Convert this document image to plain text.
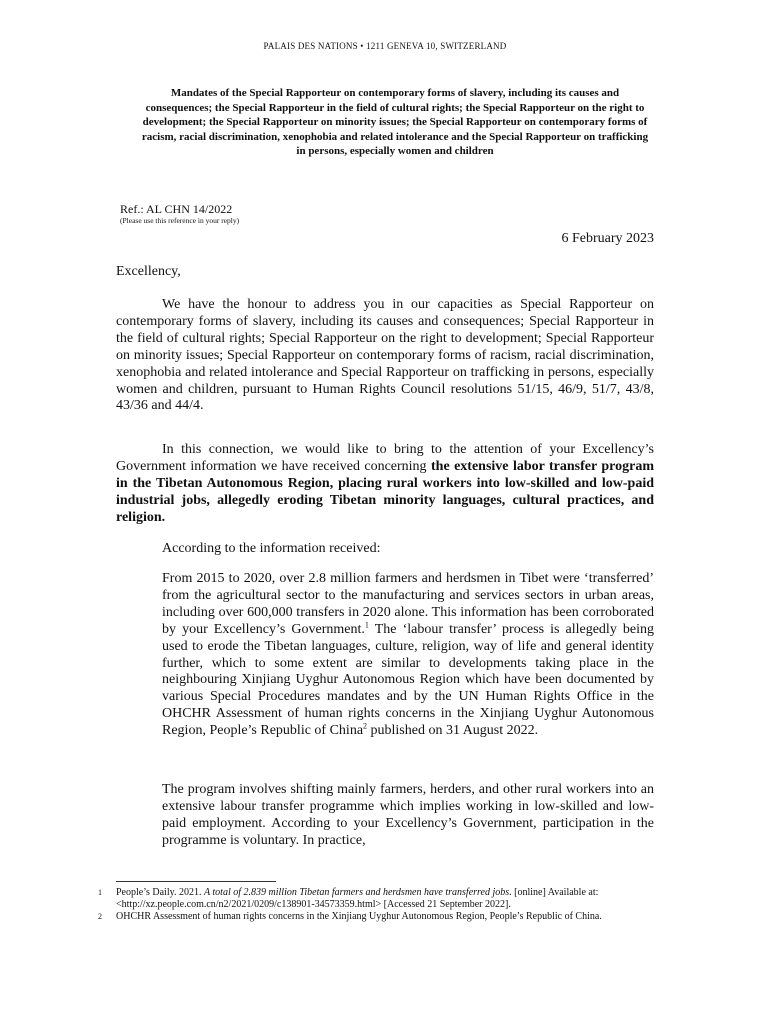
PALAIS DES NATIONS • 1211 GENEVA 10, SWITZERLAND
Mandates of the Special Rapporteur on contemporary forms of slavery, including its causes and consequences; the Special Rapporteur in the field of cultural rights; the Special Rapporteur on the right to development; the Special Rapporteur on minority issues; the Special Rapporteur on contemporary forms of racism, racial discrimination, xenophobia and related intolerance and the Special Rapporteur on trafficking in persons, especially women and children
Ref.: AL CHN 14/2022
(Please use this reference in your reply)
6 February 2023
Excellency,
We have the honour to address you in our capacities as Special Rapporteur on contemporary forms of slavery, including its causes and consequences; Special Rapporteur in the field of cultural rights; Special Rapporteur on the right to development; Special Rapporteur on minority issues; Special Rapporteur on contemporary forms of racism, racial discrimination, xenophobia and related intolerance and Special Rapporteur on trafficking in persons, especially women and children, pursuant to Human Rights Council resolutions 51/15, 46/9, 51/7, 43/8, 43/36 and 44/4.
In this connection, we would like to bring to the attention of your Excellency’s Government information we have received concerning the extensive labor transfer program in the Tibetan Autonomous Region, placing rural workers into low-skilled and low-paid industrial jobs, allegedly eroding Tibetan minority languages, cultural practices, and religion.
According to the information received:
From 2015 to 2020, over 2.8 million farmers and herdsmen in Tibet were ‘transferred’ from the agricultural sector to the manufacturing and services sectors in urban areas, including over 600,000 transfers in 2020 alone. This information has been corroborated by your Excellency’s Government.$^1$ The ‘labour transfer’ process is allegedly being used to erode the Tibetan languages, culture, religion, way of life and general identity further, which to some extent are similar to developments taking place in the neighbouring Xinjiang Uyghur Autonomous Region which have been documented by various Special Procedures mandates and by the UN Human Rights Office in the OHCHR Assessment of human rights concerns in the Xinjiang Uyghur Autonomous Region, People’s Republic of China$^2$ published on 31 August 2022.
The program involves shifting mainly farmers, herders, and other rural workers into an extensive labour transfer programme which implies working in low-skilled and low-paid employment. According to your Excellency’s Government, participation in the programme is voluntary. In practice,
1 People’s Daily. 2021. A total of 2.839 million Tibetan farmers and herdsmen have transferred jobs. [online] Available at: <http://xz.people.com.cn/n2/2021/0209/c138901-34573359.html> [Accessed 21 September 2022].
2 OHCHR Assessment of human rights concerns in the Xinjiang Uyghur Autonomous Region, People’s Republic of China.
